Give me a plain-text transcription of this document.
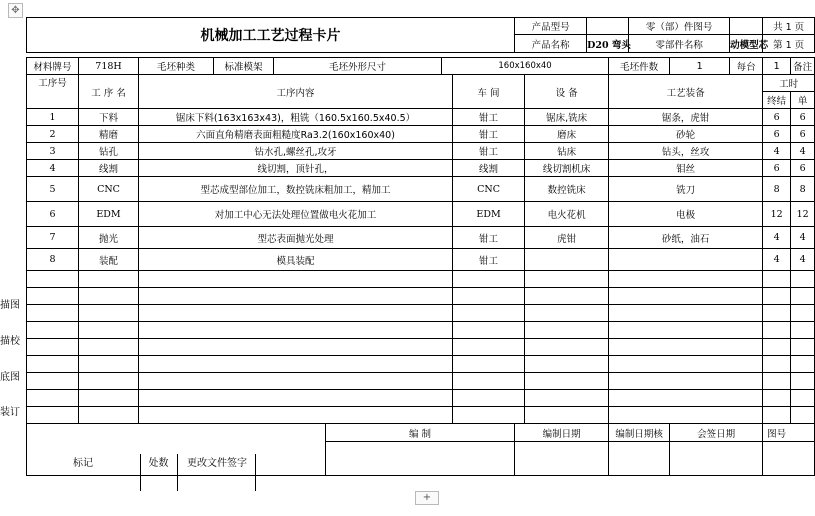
✥
描图
描校
底图
装订
机械加工工艺过程卡片								产品型号				零（部）件图号			共 1 页	
								产品名称		D20 弯头		零部件名称		动模型芯	第 1 页	

材料牌号	718H	毛坯种类	标准模架	毛坯外形尺寸		160x160x40					毛坯件数		1	每台	1	备注
工序号	工 序 名	工序内容					车 间		设 备		工艺装备				工时	
															终结	单
1	下料	锯床下料(163x163x43)，粗铣（160.5x160.5x40.5）					钳工		锯床,铣床		锯条，虎钳				6	6
2	精磨	六面直角精磨表面粗糙度Ra3.2(160x160x40)					钳工		磨床		砂轮				6	6
3	钻孔	钻水孔,螺丝孔,攻牙					钳工		钻床		钻头，丝攻				4	4
4	线割	线切割，顶针孔，					线割		线切割机床		钼丝				6	6
5	CNC	型芯成型部位加工，数控铣床粗加工，精加工					CNC		数控铣床		铣刀				8	8
6	EDM	对加工中心无法处理位置做电火花加工					EDM		电火花机		电极				12	12
7	抛光	型芯表面抛光处理					钳工		虎钳		砂纸，油石				4	4
8	装配	模具装配					钳工								4	4

					编 制			编制日期			编制日期核		会签日期		图号	

标记	处数	更改文件签字
+
